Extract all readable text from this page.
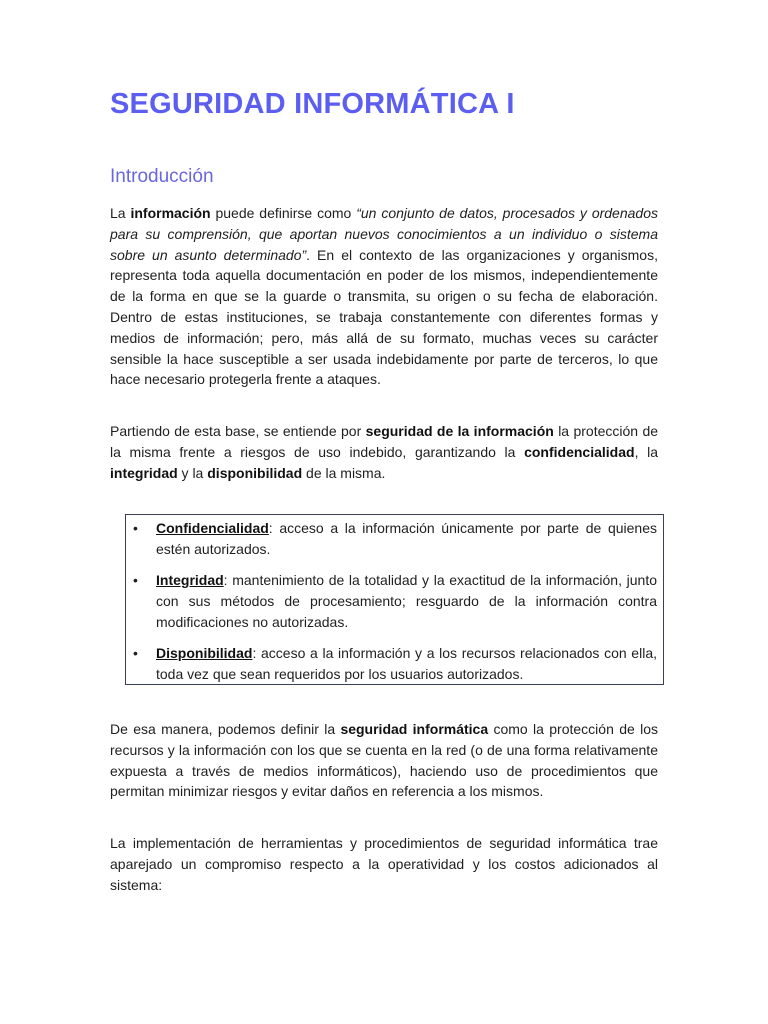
SEGURIDAD INFORMÁTICA I
Introducción

La información puede definirse como “un conjunto de datos, procesados y ordenados para su comprensión, que aportan nuevos conocimientos a un individuo o sistema sobre un asunto determinado”. En el contexto de las organizaciones y organismos, representa toda aquella documentación en poder de los mismos, independientemente de la forma en que se la guarde o transmita, su origen o su fecha de elaboración. Dentro de estas instituciones, se trabaja constantemente con diferentes formas y medios de información; pero, más allá de su formato, muchas veces su carácter sensible la hace susceptible a ser usada indebidamente por parte de terceros, lo que hace necesario protegerla frente a ataques.

Partiendo de esta base, se entiende por seguridad de la información la protección de la misma frente a riesgos de uso indebido, garantizando la confidencialidad, la integridad y la disponibilidad de la misma.

• Confidencialidad: acceso a la información únicamente por parte de quienes estén autorizados.
• Integridad: mantenimiento de la totalidad y la exactitud de la información, junto con sus métodos de procesamiento; resguardo de la información contra modificaciones no autorizadas.
• Disponibilidad: acceso a la información y a los recursos relacionados con ella, toda vez que sean requeridos por los usuarios autorizados.

De esa manera, podemos definir la seguridad informática como la protección de los recursos y la información con los que se cuenta en la red (o de una forma relativamente expuesta a través de medios informáticos), haciendo uso de procedimientos que permitan minimizar riesgos y evitar daños en referencia a los mismos.

La implementación de herramientas y procedimientos de seguridad informática trae aparejado un compromiso respecto a la operatividad y los costos adicionados al sistema:
